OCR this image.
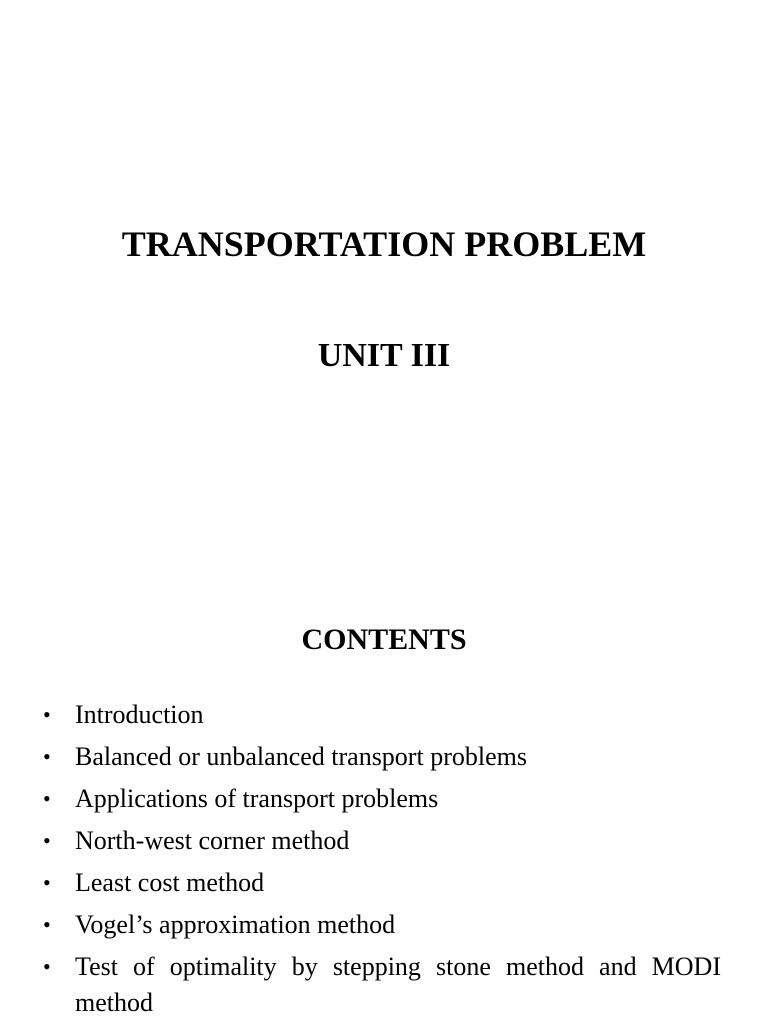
TRANSPORTATION PROBLEM
UNIT III
CONTENTS
• Introduction
• Balanced or unbalanced transport problems
• Applications of transport problems
• North-west corner method
• Least cost method
• Vogel’s approximation method
• Test of optimality by stepping stone method and MODI method
